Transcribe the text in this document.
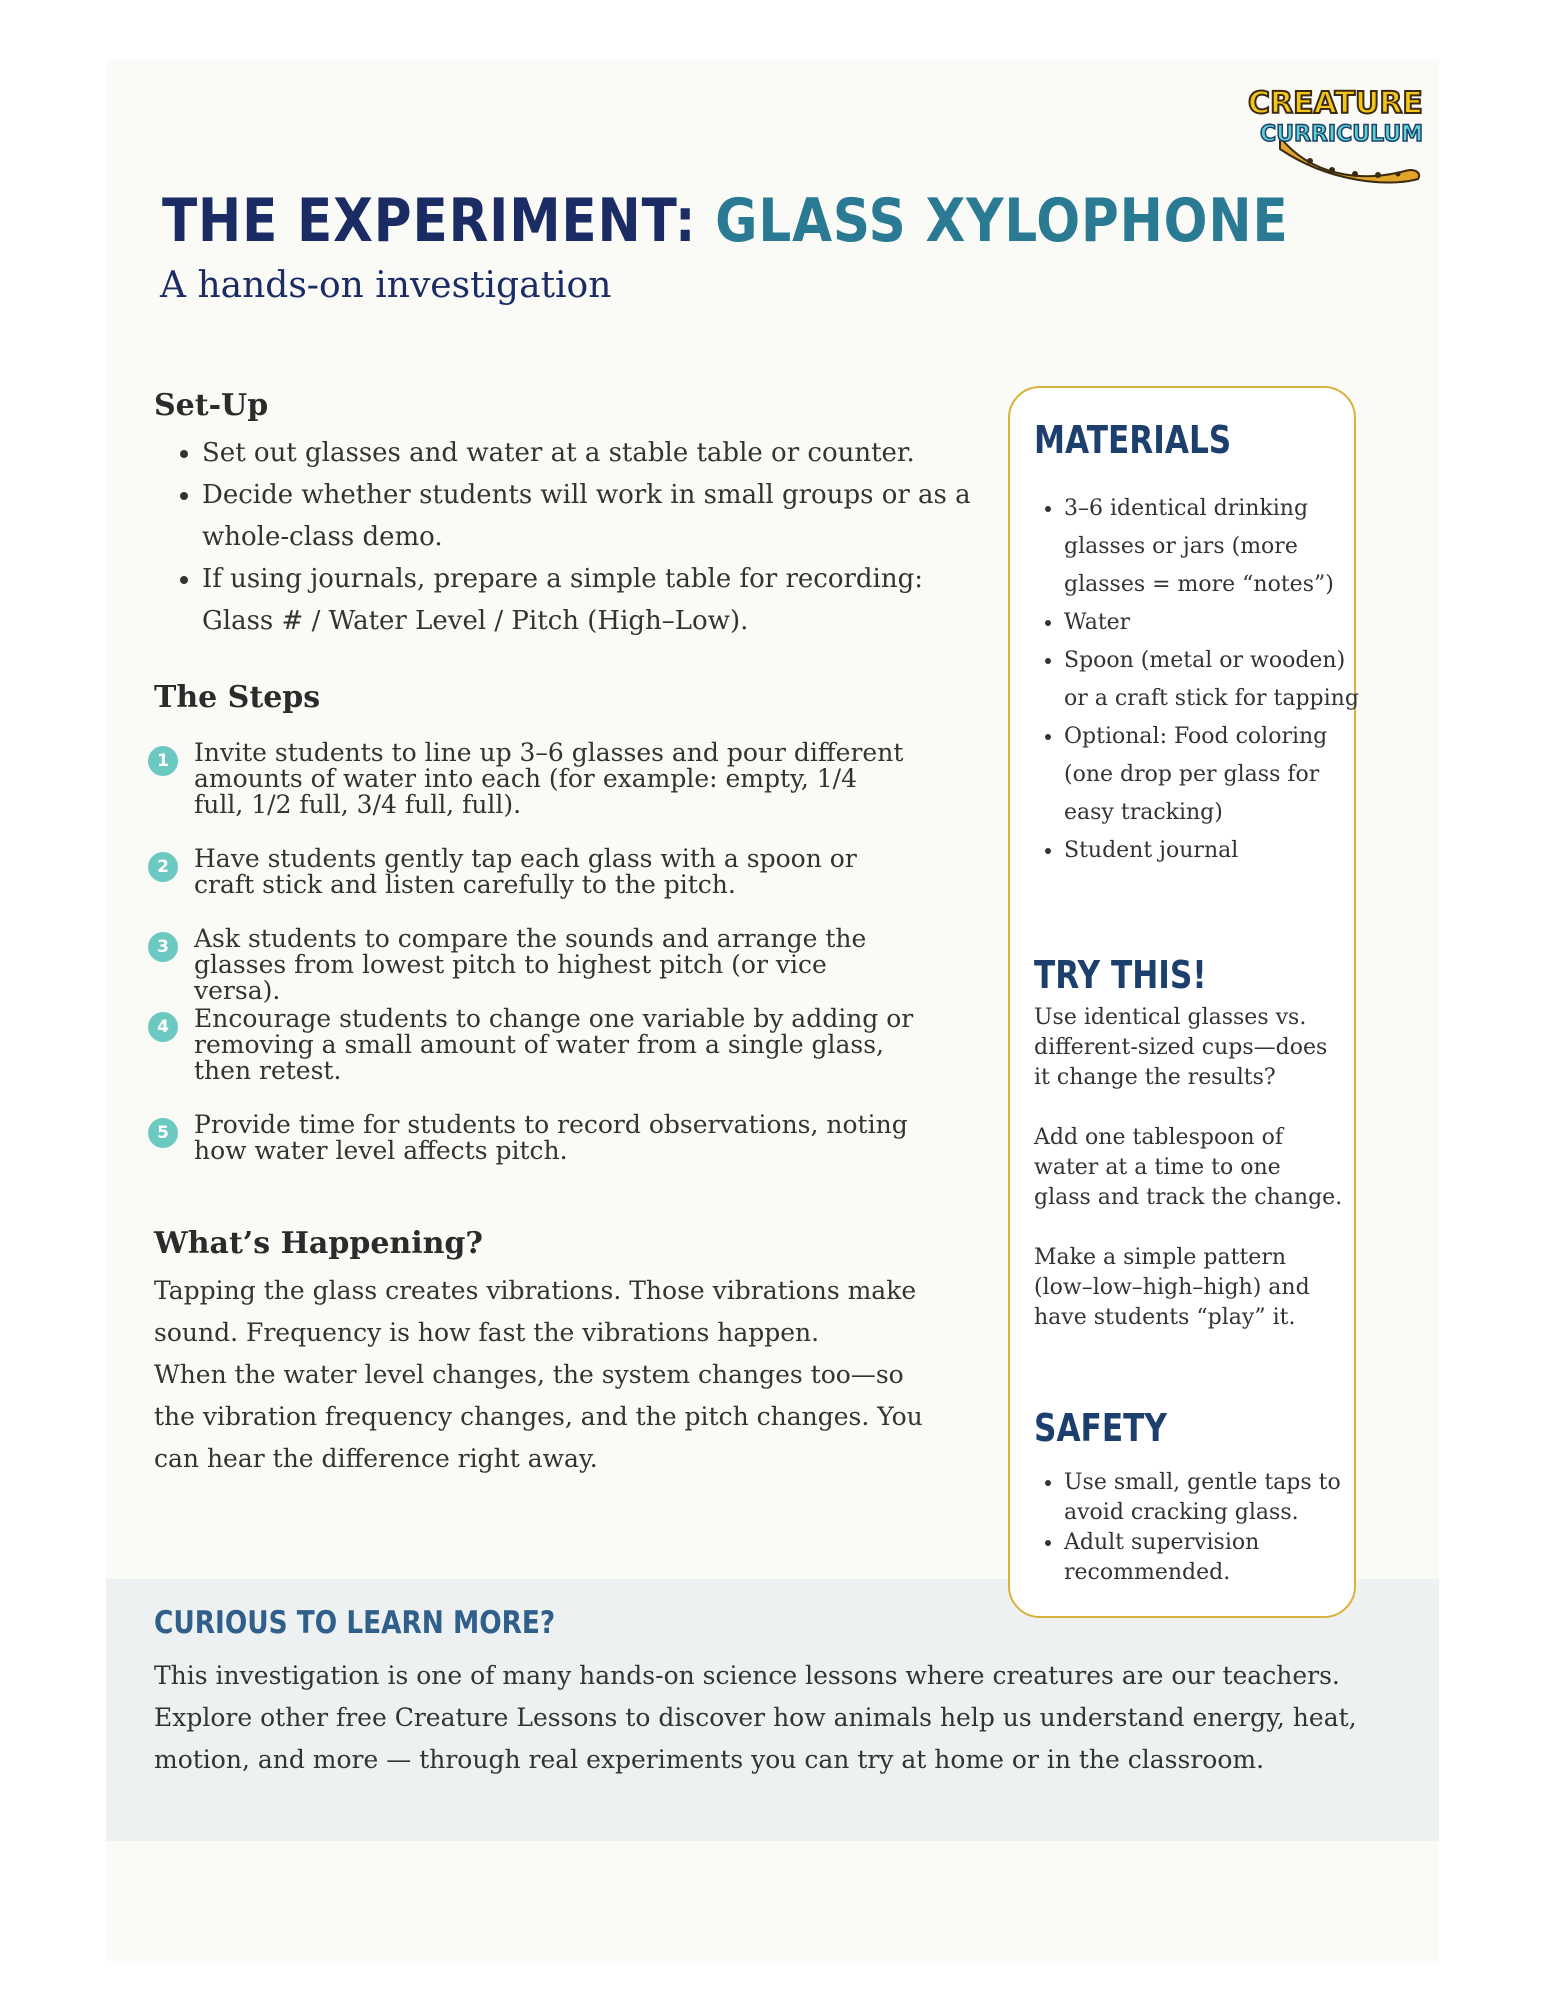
CREATURE
CURRICULUM
THE EXPERIMENT: GLASS XYLOPHONE
A hands-on investigation
Set-Up
• Set out glasses and water at a stable table or counter.
• Decide whether students will work in small groups or as a whole-class demo.
• If using journals, prepare a simple table for recording: Glass # / Water Level / Pitch (High–Low).
The Steps
1	Invite students to line up 3–6 glasses and pour different amounts of water into each (for example: empty, 1/4 full, 1/2 full, 3/4 full, full).
2	Have students gently tap each glass with a spoon or craft stick and listen carefully to the pitch.
3	Ask students to compare the sounds and arrange the glasses from lowest pitch to highest pitch (or vice versa).
4	Encourage students to change one variable by adding or removing a small amount of water from a single glass, then retest.
5	Provide time for students to record observations, noting how water level affects pitch.
What’s Happening?

Tapping the glass creates vibrations. Those vibrations make sound. Frequency is how fast the vibrations happen.

When the water level changes, the system changes too—so the vibration frequency changes, and the pitch changes. You can hear the difference right away.

MATERIALS
• 3–6 identical drinking glasses or jars (more glasses = more “notes”)
• Water
• Spoon (metal or wooden) or a craft stick for tapping
• Optional: Food coloring (one drop per glass for easy tracking)
• Student journal
TRY THIS!

Use identical glasses vs. different-sized cups—does it change the results?

Add one tablespoon of water at a time to one glass and track the change.

Make a simple pattern (low–low–high–high) and have students “play” it.

SAFETY
• Use small, gentle taps to avoid cracking glass.
• Adult supervision recommended.
CURIOUS TO LEARN MORE?
This investigation is one of many hands-on science lessons where creatures are our teachers. Explore other free Creature Lessons to discover how animals help us understand energy, heat, motion, and more — through real experiments you can try at home or in the classroom.
